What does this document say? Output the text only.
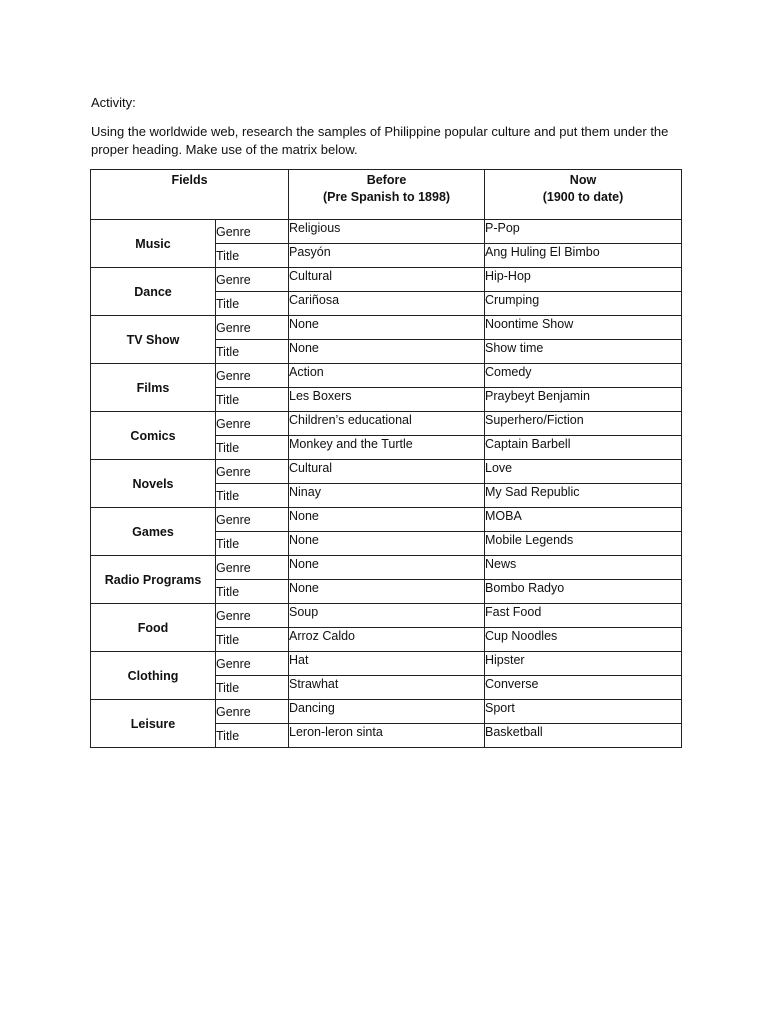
Activity:
Using the worldwide web, research the samples of Philippine popular culture and put them under the
proper heading. Make use of the matrix below.
Fields		Before
(Pre Spanish to 1898)	Now
(1900 to date)

Music	Genre	Religious	P-Pop
	Title	Pasyón	Ang Huling El Bimbo
Dance	Genre	Cultural	Hip-Hop
	Title	Cariñosa	Crumping
TV Show	Genre	None	Noontime Show
	Title	None	Show time
Films	Genre	Action	Comedy
	Title	Les Boxers	Praybeyt Benjamin
Comics	Genre	Children’s educational	Superhero/Fiction
	Title	Monkey and the Turtle	Captain Barbell
Novels	Genre	Cultural	Love
	Title	Ninay	My Sad Republic
Games	Genre	None	MOBA
	Title	None	Mobile Legends
Radio Programs	Genre	None	News
	Title	None	Bombo Radyo
Food	Genre	Soup	Fast Food
	Title	Arroz Caldo	Cup Noodles
Clothing	Genre	Hat	Hipster
	Title	Strawhat	Converse
Leisure	Genre	Dancing	Sport
	Title	Leron-leron sinta	Basketball
